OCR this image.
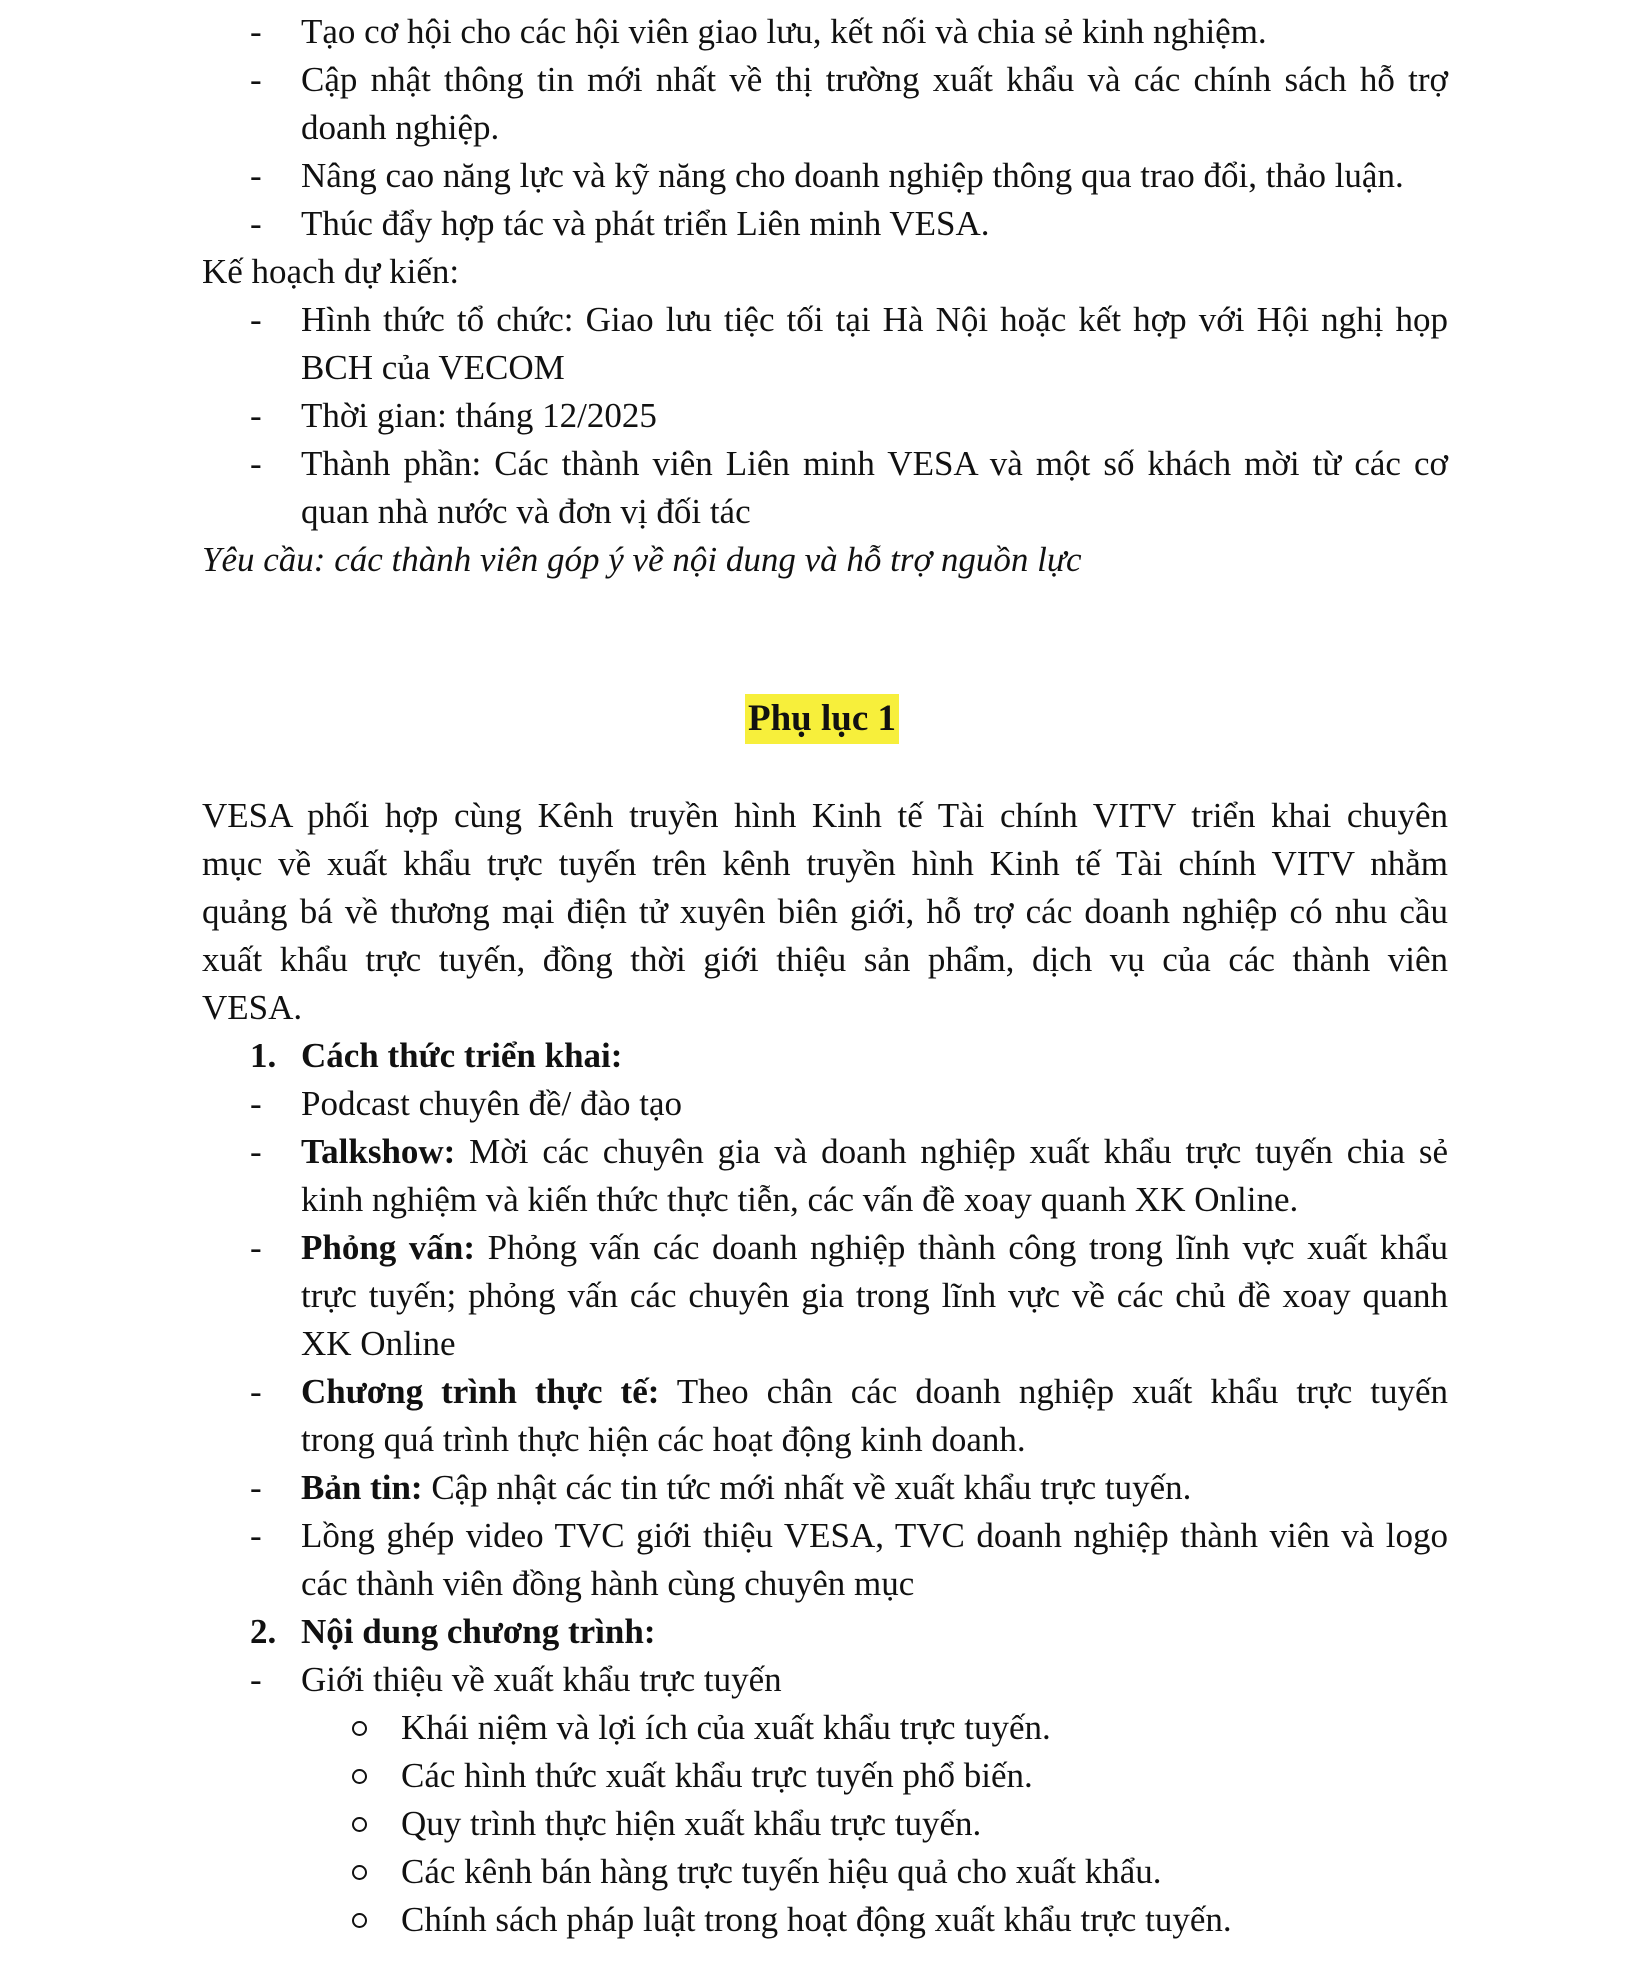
- Tạo cơ hội cho các hội viên giao lưu, kết nối và chia sẻ kinh nghiệm.
- Cập nhật thông tin mới nhất về thị trường xuất khẩu và các chính sách hỗ trợ
doanh nghiệp.
- Nâng cao năng lực và kỹ năng cho doanh nghiệp thông qua trao đổi, thảo luận.
- Thúc đẩy hợp tác và phát triển Liên minh VESA.
Kế hoạch dự kiến:
- Hình thức tổ chức: Giao lưu tiệc tối tại Hà Nội hoặc kết hợp với Hội nghị họp
BCH của VECOM
- Thời gian: tháng 12/2025
- Thành phần: Các thành viên Liên minh VESA và một số khách mời từ các cơ
quan nhà nước và đơn vị đối tác
Yêu cầu: các thành viên góp ý về nội dung và hỗ trợ nguồn lực
Phụ lục 1
VESA phối hợp cùng Kênh truyền hình Kinh tế Tài chính VITV triển khai chuyên
mục về xuất khẩu trực tuyến trên kênh truyền hình Kinh tế Tài chính VITV nhằm
quảng bá về thương mại điện tử xuyên biên giới, hỗ trợ các doanh nghiệp có nhu cầu
xuất khẩu trực tuyến, đồng thời giới thiệu sản phẩm, dịch vụ của các thành viên
VESA.
1. Cách thức triển khai:
- Podcast chuyên đề/ đào tạo
- Talkshow: Mời các chuyên gia và doanh nghiệp xuất khẩu trực tuyến chia sẻ
kinh nghiệm và kiến thức thực tiễn, các vấn đề xoay quanh XK Online.
- Phỏng vấn: Phỏng vấn các doanh nghiệp thành công trong lĩnh vực xuất khẩu
trực tuyến; phỏng vấn các chuyên gia trong lĩnh vực về các chủ đề xoay quanh
XK Online
- Chương trình thực tế: Theo chân các doanh nghiệp xuất khẩu trực tuyến
trong quá trình thực hiện các hoạt động kinh doanh.
- Bản tin: Cập nhật các tin tức mới nhất về xuất khẩu trực tuyến.
- Lồng ghép video TVC giới thiệu VESA, TVC doanh nghiệp thành viên và logo
các thành viên đồng hành cùng chuyên mục
2. Nội dung chương trình:
- Giới thiệu về xuất khẩu trực tuyến
Khái niệm và lợi ích của xuất khẩu trực tuyến.
Các hình thức xuất khẩu trực tuyến phổ biến.
Quy trình thực hiện xuất khẩu trực tuyến.
Các kênh bán hàng trực tuyến hiệu quả cho xuất khẩu.
Chính sách pháp luật trong hoạt động xuất khẩu trực tuyến.
